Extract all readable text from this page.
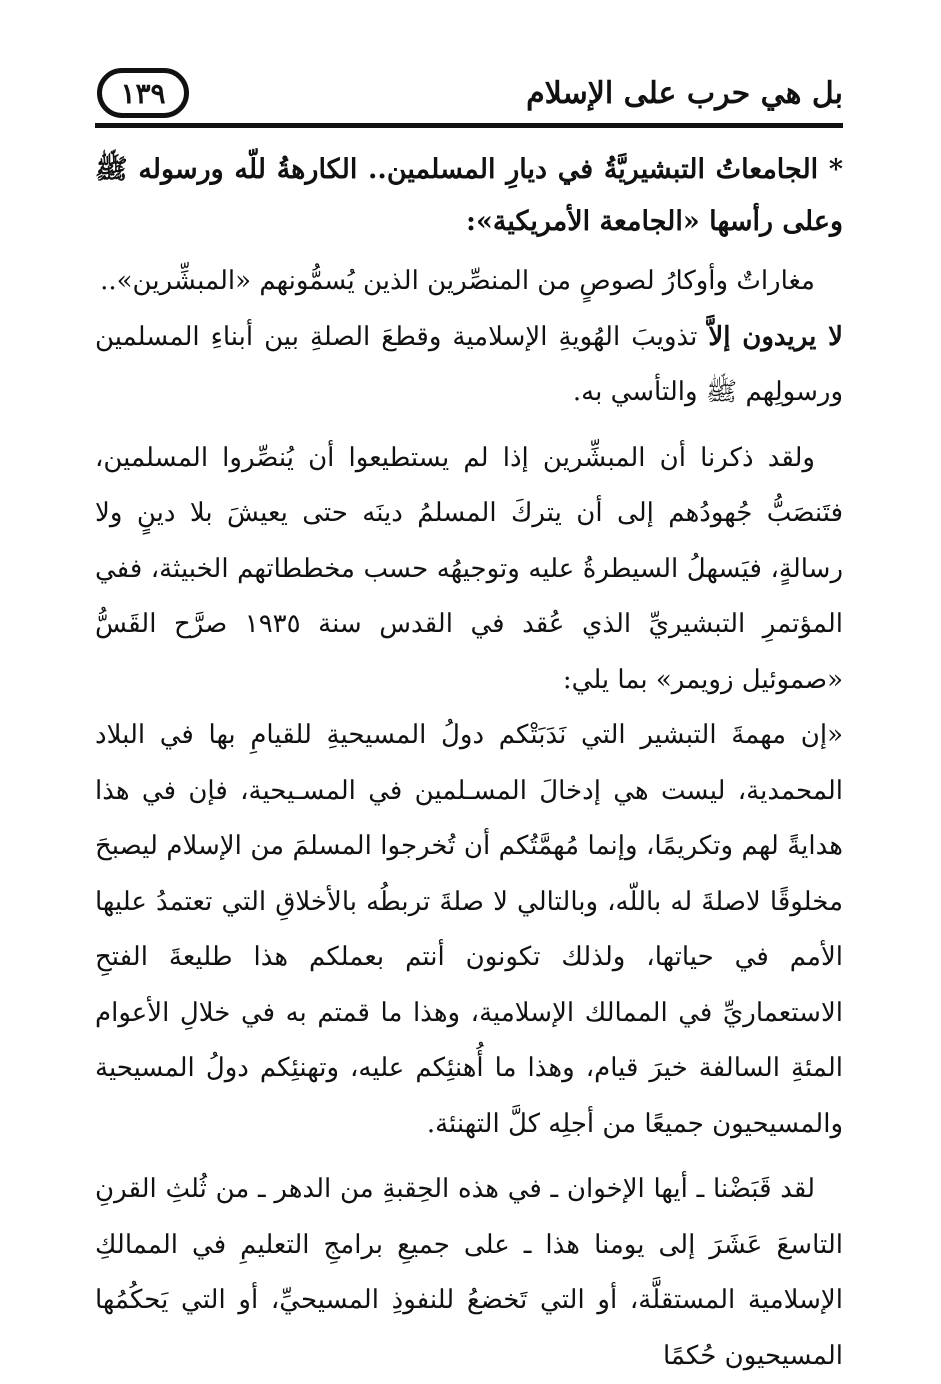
بل هي حرب على الإسلام
١٣٩

* الجامعاتُ التبشيريَّةُ في ديارِ المسلمين.. الكارهةُ للّه ورسوله ﷺ وعلى رأسها «الجامعة الأمريكية»:

مغاراتٌ وأوكارُ لصوصٍ من المنصِّرين الذين يُسمُّونهم «المبشِّرين»..

لا يريدون إلاَّ تذويبَ الهُويةِ الإسلامية وقطعَ الصلةِ بين أبناءِ المسلمين ورسولِهم ﷺ والتأسي به.

ولقد ذكرنا أن المبشِّرين إذا لم يستطيعوا أن يُنصِّروا المسلمين، فتَنصَبُّ جُهودُهم إلى أن يتركَ المسلمُ دينَه حتى يعيشَ بلا دينٍ ولا رسالةٍ، فيَسهلُ السيطرةُ عليه وتوجيهُه حسب مخططاتهم الخبيثة، ففي المؤتمرِ التبشيريِّ الذي عُقد في القدس سنة ١٩٣٥ صرَّح القَسُّ «صموئيل زويمر» بما يلي:

«إن مهمةَ التبشير التي نَدَبَتْكم دولُ المسيحيةِ للقيامِ بها في البلاد المحمدية، ليست هي إدخالَ المسـلمين في المسـيحية، فإن في هذا هدايةً لهم وتكريمًا، وإنما مُهمَّتُكم أن تُخرجوا المسلمَ من الإسلام ليصبحَ مخلوقًا لاصلةَ له باللّه، وبالتالي لا صلةَ تربطُه بالأخلاقِ التي تعتمدُ عليها الأمم في حياتها، ولذلك تكونون أنتم بعملكم هذا طليعةَ الفتحِ الاستعماريِّ في الممالك الإسلامية، وهذا ما قمتم به في خلالِ الأعوام المئةِ السالفة خيرَ قيام، وهذا ما أُهنئِكم عليه، وتهنئِكم دولُ المسيحية والمسيحيون جميعًا من أجلِه كلَّ التهنئة.

لقد قَبَضْنا ـ أيها الإخوان ـ في هذه الحِقبةِ من الدهر ـ من ثُلثِ القرنِ التاسعَ عَشَرَ إلى يومنا هذا ـ على جميعِ برامجِ التعليمِ في الممالكِ الإسلامية المستقلَّة، أو التي تَخضعُ للنفوذِ المسيحيِّ، أو التي يَحكُمُها المسيحيون حُكمًا
